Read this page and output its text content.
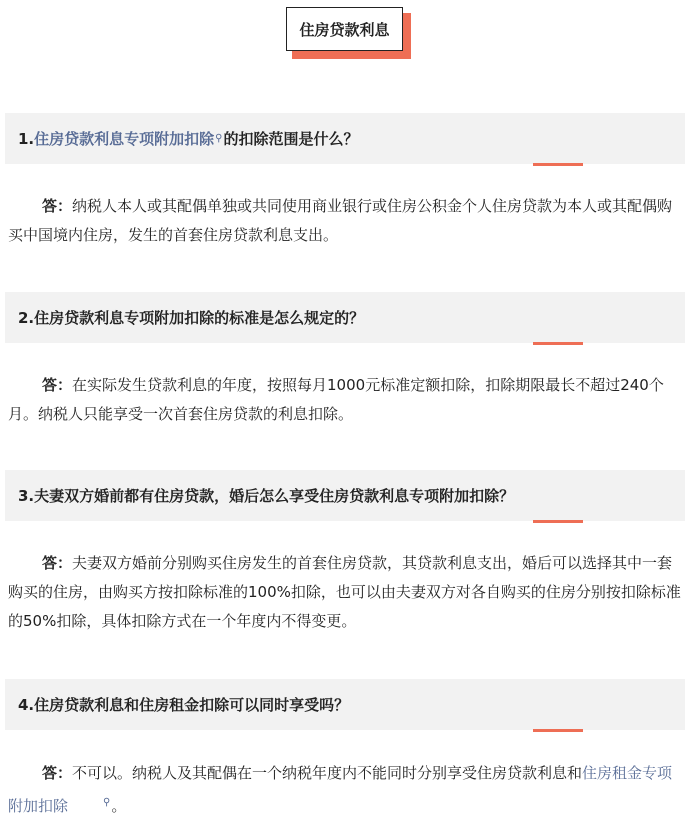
住房贷款利息
1. 住房贷款利息专项附加扣除 ⚲ 的扣除范围是什么？
答：纳税人本人或其配偶单独或共同使用商业银行或住房公积金个人住房贷款为本人或其配偶购买中国境内住房，发生的首套住房贷款利息支出。
2.住房贷款利息专项附加扣除的标准是怎么规定的？
答：在实际发生贷款利息的年度，按照每月1000元标准定额扣除，扣除期限最长不超过240个月。纳税人只能享受一次首套住房贷款的利息扣除。
3.夫妻双方婚前都有住房贷款，婚后怎么享受住房贷款利息专项附加扣除？
答：夫妻双方婚前分别购买住房发生的首套住房贷款，其贷款利息支出，婚后可以选择其中一套购买的住房，由购买方按扣除标准的100%扣除，也可以由夫妻双方对各自购买的住房分别按扣除标准的50%扣除，具体扣除方式在一个年度内不得变更。
4.住房贷款利息和住房租金扣除可以同时享受吗？
答：不可以。纳税人及其配偶在一个纳税年度内不能同时分别享受住房贷款利息和住房租金专项附加扣除	⚲。
